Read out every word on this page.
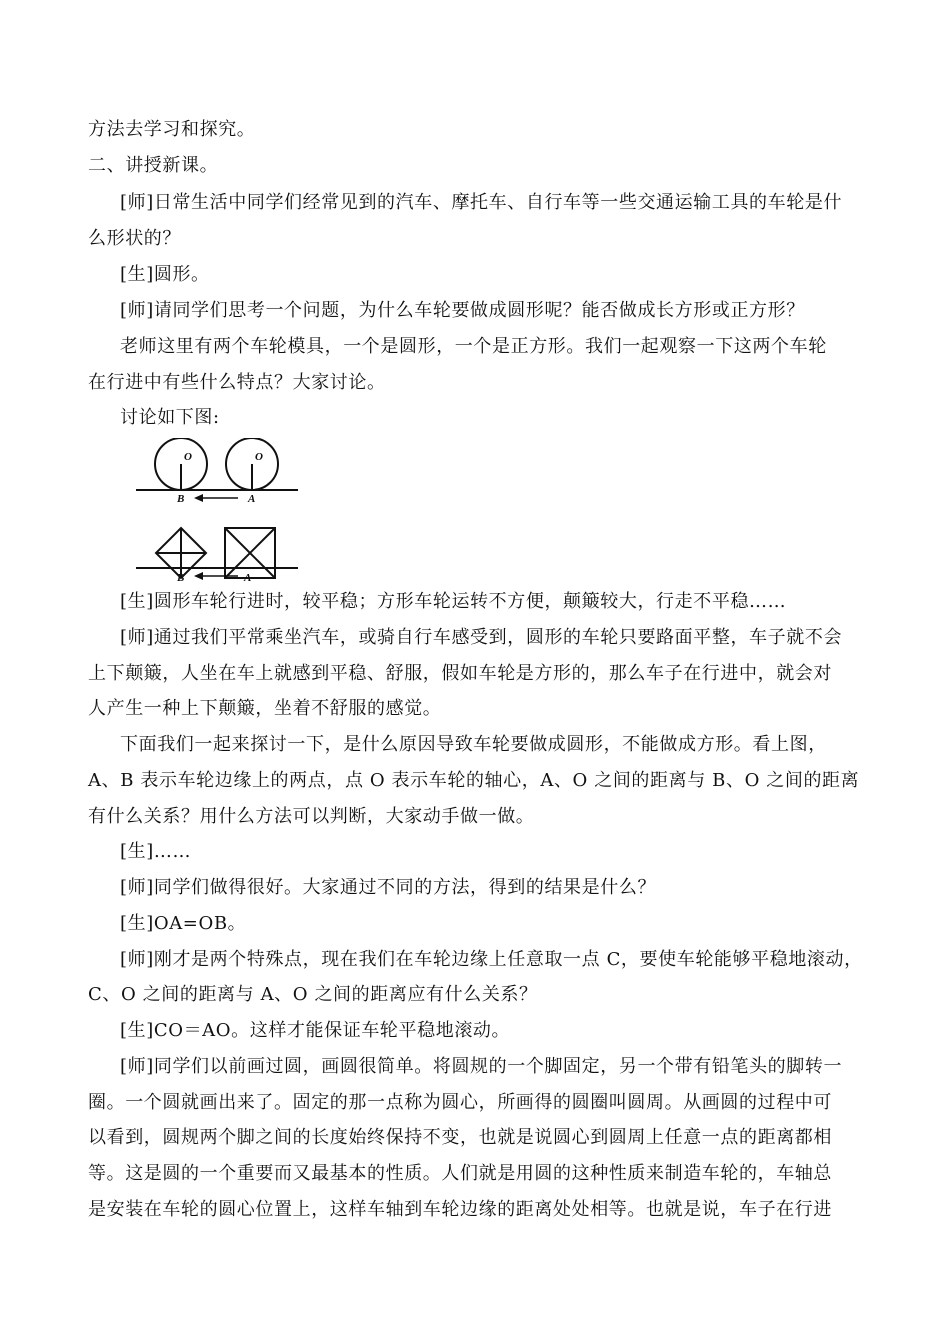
方法去学习和探究。
二、讲授新课。
[师]日常生活中同学们经常见到的汽车、摩托车、自行车等一些交通运输工具的车轮是什
么形状的？
[生]圆形。
[师]请同学们思考一个问题，为什么车轮要做成圆形呢？能否做成长方形或正方形？
老师这里有两个车轮模具，一个是圆形，一个是正方形。我们一起观察一下这两个车轮
在行进中有些什么特点？大家讨论。
讨论如下图:
O	O
B	A
B	A
[生]圆形车轮行进时，较平稳；方形车轮运转不方便，颠簸较大，行走不平稳……
[师]通过我们平常乘坐汽车，或骑自行车感受到，圆形的车轮只要路面平整，车子就不会
上下颠簸，人坐在车上就感到平稳、舒服，假如车轮是方形的，那么车子在行进中，就会对
人产生一种上下颠簸，坐着不舒服的感觉。
下面我们一起来探讨一下，是什么原因导致车轮要做成圆形，不能做成方形。看上图，
A、B 表示车轮边缘上的两点，点 O 表示车轮的轴心，A、O 之间的距离与 B、O 之间的距离
有什么关系？用什么方法可以判断，大家动手做一做。
[生]……
[师]同学们做得很好。大家通过不同的方法，得到的结果是什么？
[生]OA=OB。
[师]刚才是两个特殊点，现在我们在车轮边缘上任意取一点 C，要使车轮能够平稳地滚动，
C、O 之间的距离与 A、O 之间的距离应有什么关系？
[生]CO＝AO。这样才能保证车轮平稳地滚动。
[师]同学们以前画过圆，画圆很简单。将圆规的一个脚固定，另一个带有铅笔头的脚转一
圈。一个圆就画出来了。固定的那一点称为圆心，所画得的圆圈叫圆周。从画圆的过程中可
以看到，圆规两个脚之间的长度始终保持不变，也就是说圆心到圆周上任意一点的距离都相
等。这是圆的一个重要而又最基本的性质。人们就是用圆的这种性质来制造车轮的，车轴总
是安装在车轮的圆心位置上，这样车轴到车轮边缘的距离处处相等。也就是说，车子在行进
